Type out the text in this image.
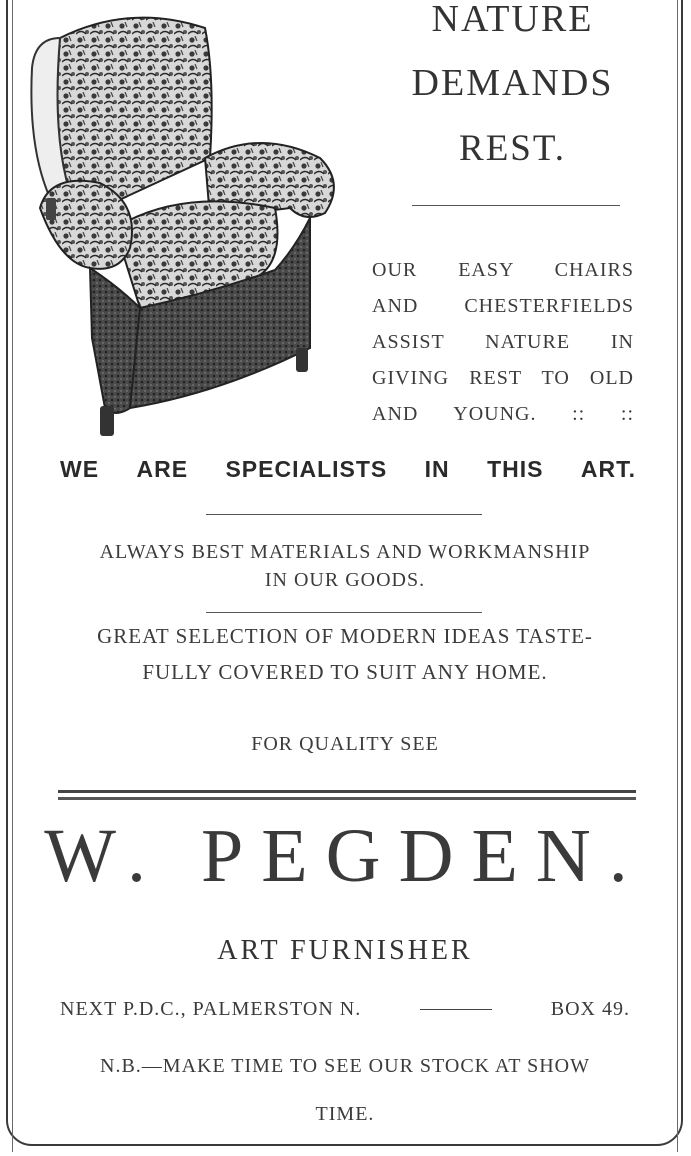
NATURE
DEMANDS
REST.
OUR EASY CHAIRS
AND CHESTERFIELDS
ASSIST NATURE IN
GIVING REST TO OLD
AND YOUNG. :: ::
WE ARE SPECIALISTS IN THIS ART.
ALWAYS BEST MATERIALS AND WORKMANSHIP
IN OUR GOODS.
GREAT SELECTION OF MODERN IDEAS TASTE-
FULLY COVERED TO SUIT ANY HOME.
FOR QUALITY SEE
W. PEGDEN.
ART FURNISHER
NEXT P.D.C., PALMERSTON N.	BOX 49.
N.B.—MAKE TIME TO SEE OUR STOCK AT SHOW
TIME.
